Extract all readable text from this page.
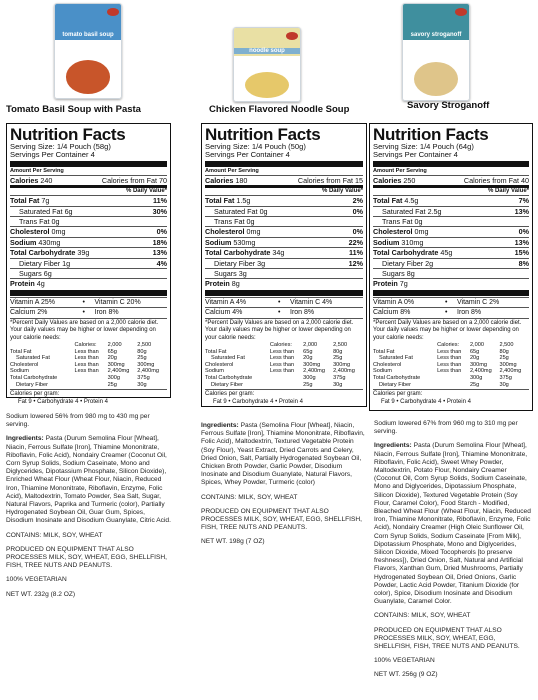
tomato basil soup
Tomato Basil Soup with Pasta
Nutrition Facts
Serving Size: 1/4 Pouch (58g)
Servings Per Container 4
Amount Per Serving
Calories 240	Calories from Fat 70
% Daily Value*
Total Fat 7g	11%
Saturated Fat 6g	30%
Trans Fat 0g
Cholesterol 0mg	0%
Sodium 430mg	18%
Total Carbohydrate 39g	13%
Dietary Fiber 1g	4%
Sugars 6g
Protein 4g
Vitamin A 25%	•	Vitamin C 20%
Calcium 2%	•	Iron 8%
*Percent Daily Values are based on a 2,000 calorie diet. Your daily values may be higher or lower depending on your calorie needs:
	Calories:	2,000	2,500
Total Fat	Less than	65g	80g
Saturated Fat	Less than	20g	25g
Cholesterol	Less than	300mg	300mg
Sodium	Less than	2,400mg	2,400mg
Total Carbohydrate		300g	375g
Dietary Fiber		25g	30g
Calories per gram:
Fat 9 • Carbohydrate 4 • Protein 4

Sodium lowered 56% from 980 mg to 430 mg per serving.

Ingredients: Pasta (Durum Semolina Flour [Wheat], Niacin, Ferrous Sulfate [Iron], Thiamine Mononitrate, Riboflavin, Folic Acid), Nondairy Creamer (Coconut Oil, Corn Syrup Solids, Sodium Caseinate, Mono and Diglycerides, Dipotassium Phosphate, Silicon Dioxide), Enriched Wheat Flour (Wheat Flour, Niacin, Reduced Iron, Thiamine Mononitrate, Riboflavin, Enzyme, Folic Acid), Maltodextrin, Tomato Powder, Sea Salt, Sugar, Natural Flavors, Paprika and Turmeric (color), Partially Hydrogenated Soybean Oil, Guar Gum, Spices, Disodium Inosinate and Disodium Guanylate, Citric Acid.

CONTAINS: MILK, SOY, WHEAT

PRODUCED ON EQUIPMENT THAT ALSO PROCESSES MILK, SOY, WHEAT, EGG, SHELLFISH, FISH, TREE NUTS AND PEANUTS.

100% VEGETARIAN

NET WT. 232g (8.2 OZ)

noodle soup
Chicken Flavored Noodle Soup
Nutrition Facts
Serving Size: 1/4 Pouch (50g)
Servings Per Container 4
Amount Per Serving
Calories 180	Calories from Fat 15
% Daily Value*
Total Fat 1.5g	2%
Saturated Fat 0g	0%
Trans Fat 0g
Cholesterol 0mg	0%
Sodium 530mg	22%
Total Carbohydrate 34g	11%
Dietary Fiber 3g	12%
Sugars 3g
Protein 8g
Vitamin A 4%	•	Vitamin C 4%
Calcium 4%	•	Iron 8%
*Percent Daily Values are based on a 2,000 calorie diet. Your daily values may be higher or lower depending on your calorie needs:
	Calories:	2,000	2,500
Total Fat	Less than	65g	80g
Saturated Fat	Less than	20g	25g
Cholesterol	Less than	300mg	300mg
Sodium	Less than	2,400mg	2,400mg
Total Carbohydrate		300g	375g
Dietary Fiber		25g	30g
Calories per gram:
Fat 9 • Carbohydrate 4 • Protein 4

Ingredients: Pasta (Semolina Flour [Wheat], Niacin, Ferrous Sulfate [Iron], Thiamine Mononitrate, Riboflavin, Folic Acid), Maltodextrin, Textured Vegetable Protein (Soy Flour), Yeast Extract, Dried Carrots and Celery, Dried Onion, Salt, Partially Hydrogenated Soybean Oil, Chicken Broth Powder, Garlic Powder, Disodium Inosinate and Disodium Guanylate, Natural Flavors, Spices, Whey Powder, Turmeric (color)

CONTAINS: MILK, SOY, WHEAT

PRODUCED ON EQUIPMENT THAT ALSO PROCESSES MILK, SOY, WHEAT, EGG, SHELLFISH, FISH, TREE NUTS AND PEANUTS.

NET WT. 198g (7 OZ)

savory stroganoff
Savory Stroganoff
Nutrition Facts
Serving Size: 1/4 Pouch (64g)
Servings Per Container 4
Amount Per Serving
Calories 250	Calories from Fat 40
% Daily Value*
Total Fat 4.5g	7%
Saturated Fat 2.5g	13%
Trans Fat 0g
Cholesterol 0mg	0%
Sodium 310mg	13%
Total Carbohydrate 45g	15%
Dietary Fiber 2g	8%
Sugars 8g
Protein 7g
Vitamin A 0%	•	Vitamin C 2%
Calcium 8%	•	Iron 8%
*Percent Daily Values are based on a 2,000 calorie diet. Your daily values may be higher or lower depending on your calorie needs:
	Calories:	2,000	2,500
Total Fat	Less than	65g	80g
Saturated Fat	Less than	20g	25g
Cholesterol	Less than	300mg	300mg
Sodium	Less than	2,400mg	2,400mg
Total Carbohydrate		300g	375g
Dietary Fiber		25g	30g
Calories per gram:
Fat 9 • Carbohydrate 4 • Protein 4

Sodium lowered 67% from 960 mg to 310 mg per serving.

Ingredients: Pasta (Durum Semolina Flour [Wheat], Niacin, Ferrous Sulfate [Iron], Thiamine Mononitrate, Riboflavin, Folic Acid), Sweet Whey Powder, Maltodextrin, Potato Flour, Nondairy Creamer (Coconut Oil, Corn Syrup Solids, Sodium Caseinate, Mono and Diglycerides, Dipotassium Phosphate, Silicon Dioxide), Textured Vegetable Protein (Soy Flour, Caramel Color), Food Starch - Modified, Bleached Wheat Flour (Wheat Flour, Niacin, Reduced Iron, Thiamine Mononitrate, Riboflavin, Enzyme, Folic Acid), Nondairy Creamer (High Oleic Sunflower Oil, Corn Syrup Solids, Sodium Caseinate [From Milk], Dipotassium Phosphate, Mono and Diglycerides, Silicon Dioxide, Mixed Tocopherols [to preserve freshness]), Dried Onion, Salt, Natural and Artificial Flavors, Xanthan Gum, Dried Mushrooms, Partially Hydrogenated Soybean Oil, Dried Onions, Garlic Powder, Lactic Acid Powder, Titanium Dioxide (for color), Spice, Disodium Inosinate and Disodium Guanylate, Caramel Color.

CONTAINS: MILK, SOY, WHEAT

PRODUCED ON EQUIPMENT THAT ALSO PROCESSES MILK, SOY, WHEAT, EGG, SHELLFISH, FISH, TREE NUTS AND PEANUTS.

100% VEGETARIAN

NET WT. 256g (9 OZ)
